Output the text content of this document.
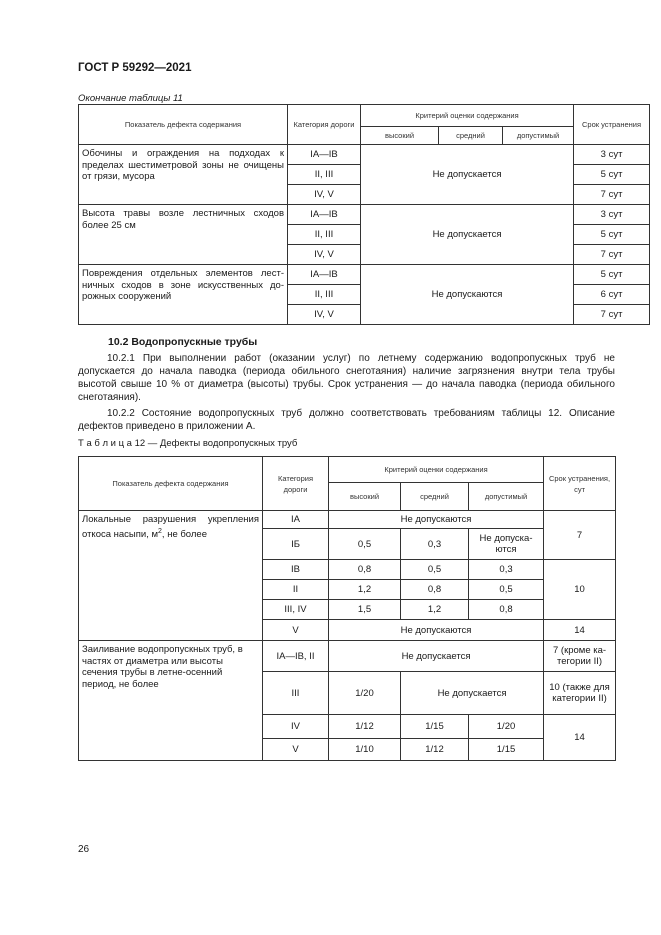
ГОСТ Р 59292—2021
Окончание таблицы 11
Показатель дефекта содержания	Категория дороги	Критерий оценки содержания			Срок устранения
		высокий	средний	допустимый	
Обочины и ограждения на подходах к пределах шестиметровой зоны не очищены от грязи, мусора	IA—IB	Не допускается			3 сут
	II, III				5 сут
	IV, V				7 сут
Высота травы возле лестничных сходов более 25 см	IA—IB	Не допускается			3 сут
	II, III				5 сут
	IV, V				7 сут
Повреждения отдельных элементов лестничных сходов в зоне искусственных дорожных сооружений	IA—IB	Не допускаются			5 сут
	II, III				6 сут
	IV, V				7 сут
10.2 Водопропускные трубы
10.2.1 При выполнении работ (оказании услуг) по летнему содержанию водопропускных труб не допускается до начала паводка (периода обильного снеготаяния) наличие загрязнения внутри тела трубы высотой свыше 10 % от диаметра (высоты) трубы. Срок устранения — до начала паводка (периода обильного снеготаяния).
10.2.2 Состояние водопропускных труб должно соответствовать требованиям таблицы 12. Описание дефектов приведено в приложении А.
Т а б л и ц а 12 — Дефекты водопропускных труб
Показатель дефекта содержания	Категория дороги	Критерий оценки содержания			Срок устранения, сут
		высокий	средний	допустимый	
Локальные разрушения укрепления откоса насыпи, $м^2$, не более	IA	Не допускаются			7
	IБ	0,5	0,3	Не допускаются	
	IB	0,8	0,5	0,3	10
	II	1,2	0,8	0,5	
	III, IV	1,5	1,2	0,8	
	V	Не допускаются			14
Заиливание водопропускных труб, в частях от диаметра или высоты сечения трубы в летне-осенний период, не более	IA—IB, II	Не допускается			7 (кроме категории II)
	III	1/20	Не допускается		10 (также для категории II)
	IV	1/12	1/15	1/20	14
	V	1/10	1/12	1/15	
26
